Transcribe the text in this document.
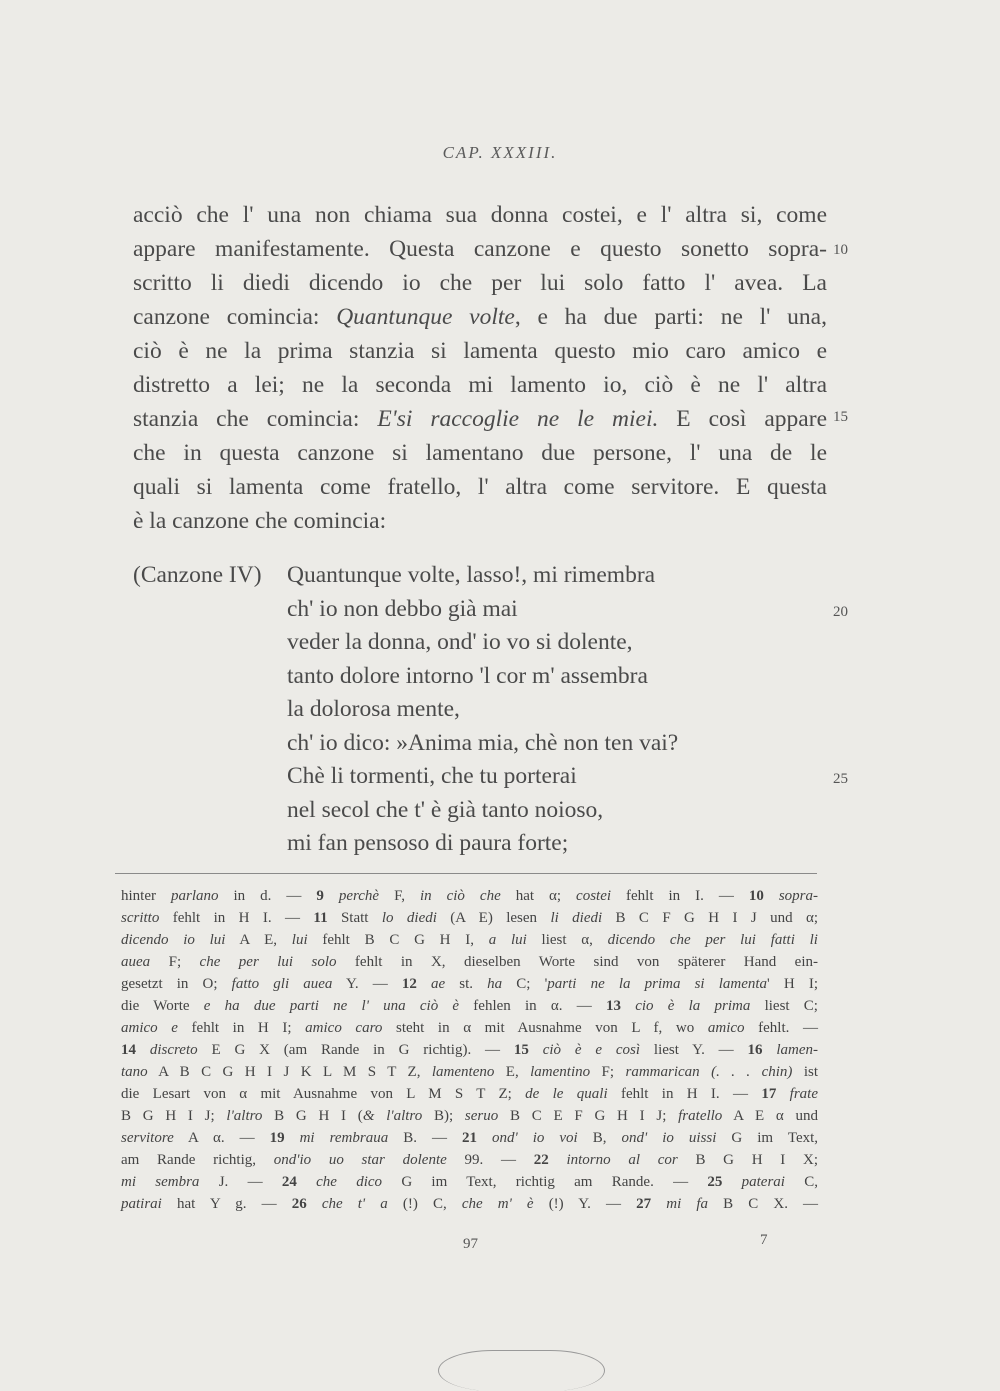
CAP. XXXIII.
acciò che l' una non chiama sua donna costei, e l' altra si, come
appare manifestamente. Questa canzone e questo sonetto sopra-
scritto li diedi dicendo io che per lui solo fatto l' avea. La
canzone comincia: Quantunque volte, e ha due parti: ne l' una,
ciò è ne la prima stanzia si lamenta questo mio caro amico e
distretto a lei; ne la seconda mi lamento io, ciò è ne l' altra
stanzia che comincia: E'si raccoglie ne le miei. E così appare
che in questa canzone si lamentano due persone, l' una de le
quali si lamenta come fratello, l' altra come servitore. E questa
è la canzone che comincia:
10
15
(Canzone IV) Quantunque volte, lasso!, mi rimembra
ch' io non debbo già mai
veder la donna, ond' io vo si dolente,
tanto dolore intorno 'l cor m' assembra
la dolorosa mente,
ch' io dico: »Anima mia, chè non ten vai?
Chè li tormenti, che tu porterai
nel secol che t' è già tanto noioso,
mi fan pensoso di paura forte;
20
25
hinter parlano in d. — 9 perchè F, in ciò che hat α; costei fehlt in I. — 10 sopra-
scritto fehlt in H I. — 11 Statt lo diedi (A E) lesen li diedi B C F G H I J und α;
dicendo io lui A E, lui fehlt B C G H I, a lui liest α, dicendo che per lui fatti li
auea F; che per lui solo fehlt in X, dieselben Worte sind von späterer Hand ein-
gesetzt in O; fatto gli auea Y. — 12 ae st. ha C; 'parti ne la prima si lamenta' H I;
die Worte e ha due parti ne l' una ciò è fehlen in α. — 13 cio è la prima liest C;
amico e fehlt in H I; amico caro steht in α mit Ausnahme von L f, wo amico fehlt. —
14 discreto E G X (am Rande in G richtig). — 15 ciò è e così liest Y. — 16 lamen-
tano A B C G H I J K L M S T Z, lamenteno E, lamentino F; rammarican (. . . chin) ist
die Lesart von α mit Ausnahme von L M S T Z; de le quali fehlt in H I. — 17 frate
B G H I J; l'altro B G H I (& l'altro B); seruo B C E F G H I J; fratello A E α und
servitore A α. — 19 mi rembraua B. — 21 ond' io voi B, ond' io uissi G im Text,
am Rande richtig, ond'io uo star dolente 99. — 22 intorno al cor B G H I X;
mi sembra J. — 24 che dico G im Text, richtig am Rande. — 25 paterai C,
patirai hat Y g. — 26 che t' a (!) C, che m' è (!) Y. — 27 mi fa B C X. —
97	7
